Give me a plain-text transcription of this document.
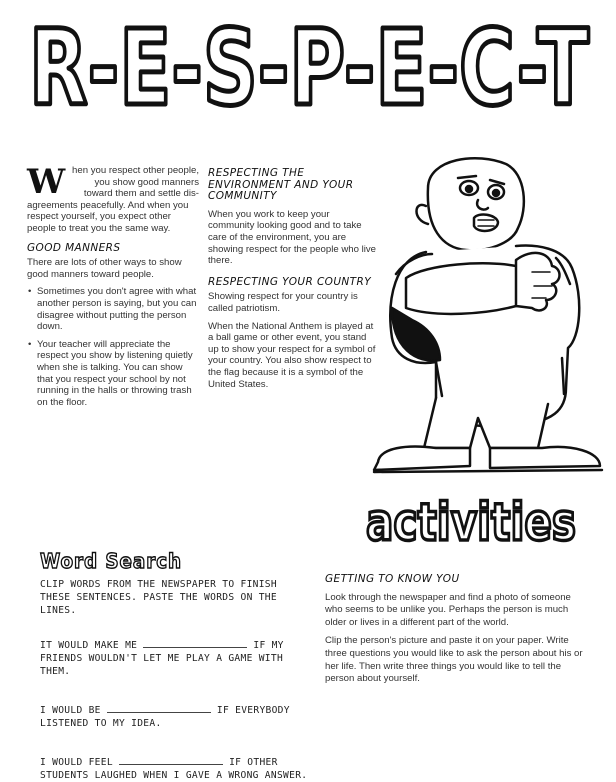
R-E-S-P-E-C-T
W hen you respect other people,
you show good manners
toward them and settle dis-

agreements peacefully. And when you respect yourself, you expect other people to treat you the same way.

GOOD MANNERS

There are lots of other ways to show good manners toward people.

• Sometimes you don't agree with what another person is saying, but you can disagree without putting the person down.
• Your teacher will appreciate the respect you show by listening quietly when she is talking. You can show that you respect your school by not running in the halls or throwing trash on the floor.
RESPECTING THE ENVIRONMENT AND YOUR COMMUNITY

When you work to keep your community looking good and to take care of the environment, you are showing respect for the people who live there.

RESPECTING YOUR COUNTRY

Showing respect for your country is called patriotism.

When the National Anthem is played at a ball game or other event, you stand up to show your respect for a symbol of your country. You also show respect to the flag because it is a symbol of the United States.

activities
Word Search

CLIP WORDS FROM THE NEWSPAPER TO FINISH THESE SENTENCES. PASTE THE WORDS ON THE LINES.

IT WOULD MAKE ME	IF MY
FRIENDS WOULDN'T LET ME PLAY A GAME WITH THEM.

I WOULD BE	IF EVERYBODY
LISTENED TO MY IDEA.

I WOULD FEEL	IF OTHER
STUDENTS LAUGHED WHEN I GAVE A WRONG ANSWER.

GETTING TO KNOW YOU

Look through the newspaper and find a photo of someone who seems to be unlike you. Perhaps the person is much older or lives in a different part of the world.

Clip the person's picture and paste it on your paper. Write three questions you would like to ask the person about his or her life. Then write three things you would like to tell the person about yourself.
